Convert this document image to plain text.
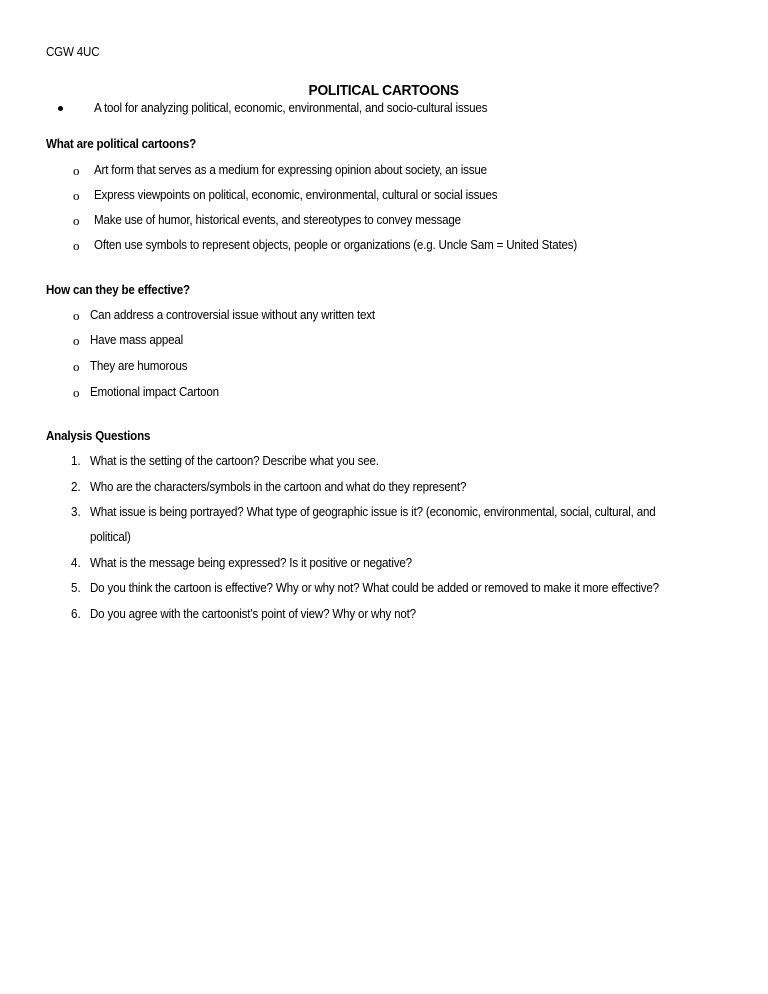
CGW 4UC
POLITICAL CARTOONS
A tool for analyzing political, economic, environmental, and socio-cultural issues
What are political cartoons?
o Art form that serves as a medium for expressing opinion about society, an issue
o Express viewpoints on political, economic, environmental, cultural or social issues
o Make use of humor, historical events, and stereotypes to convey message
o Often use symbols to represent objects, people or organizations (e.g. Uncle Sam = United States)
How can they be effective?
o Can address a controversial issue without any written text
o Have mass appeal
o They are humorous
o Emotional impact Cartoon
Analysis Questions
1. What is the setting of the cartoon? Describe what you see.
2. Who are the characters/symbols in the cartoon and what do they represent?
3. What issue is being portrayed? What type of geographic issue is it? (economic, environmental, social, cultural, and
political)
4. What is the message being expressed? Is it positive or negative?
5. Do you think the cartoon is effective? Why or why not? What could be added or removed to make it more effective?
6. Do you agree with the cartoonist’s point of view? Why or why not?
